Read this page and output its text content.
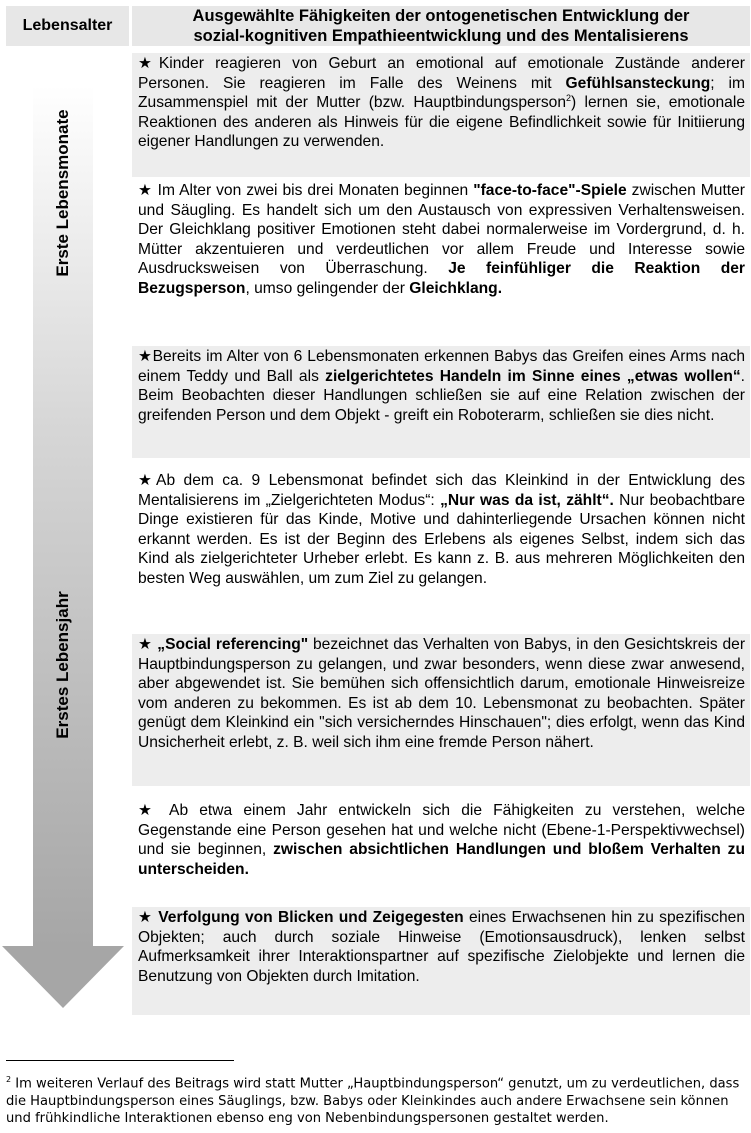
Lebensalter
Ausgewählte Fähigkeiten der ontogenetischen Entwicklung der
sozial-kognitiven Empathieentwicklung und des Mentalisierens
Erste Lebensmonate
Erstes Lebensjahr

★Kinder reagieren von Geburt an emotional auf emotionale Zustände anderer Personen. Sie reagieren im Falle des Weinens mit Gefühlsansteckung; im Zusammenspiel mit der Mutter (bzw. Hauptbindungsperson$^2$) lernen sie, emotionale Reaktionen des anderen als Hinweis für die eigene Befindlichkeit sowie für Initiierung eigener Handlungen zu verwenden.

★ Im Alter von zwei bis drei Monaten beginnen "face-to-face"-Spiele zwischen Mutter und Säugling. Es handelt sich um den Austausch von expressiven Verhaltensweisen. Der Gleichklang positiver Emotionen steht dabei normalerweise im Vordergrund, d. h. Mütter akzentuieren und verdeutlichen vor allem Freude und Interesse sowie Ausdrucksweisen von Überraschung. Je feinfühliger die Reaktion der Bezugsperson, umso gelingender der Gleichklang.

★Bereits im Alter von 6 Lebensmonaten erkennen Babys das Greifen eines Arms nach einem Teddy und Ball als zielgerichtetes Handeln im Sinne eines „etwas wollen“. Beim Beobachten dieser Handlungen schließen sie auf eine Relation zwischen der greifenden Person und dem Objekt - greift ein Roboterarm, schließen sie dies nicht.

★Ab dem ca. 9 Lebensmonat befindet sich das Kleinkind in der Entwicklung des Mentalisierens im „Zielgerichteten Modus“: „Nur was da ist, zählt“. Nur beobachtbare Dinge existieren für das Kinde, Motive und dahinterliegende Ursachen können nicht erkannt werden. Es ist der Beginn des Erlebens als eigenes Selbst, indem sich das Kind als zielgerichteter Urheber erlebt. Es kann z. B. aus mehreren Möglichkeiten den besten Weg auswählen, um zum Ziel zu gelangen.

★ „Social referencing" bezeichnet das Verhalten von Babys, in den Gesichtskreis der Hauptbindungsperson zu gelangen, und zwar besonders, wenn diese zwar anwesend, aber abgewendet ist. Sie bemühen sich offensichtlich darum, emotionale Hinweisreize vom anderen zu bekommen. Es ist ab dem 10. Lebensmonat zu beobachten. Später genügt dem Kleinkind ein "sich versicherndes Hinschauen"; dies erfolgt, wenn das Kind Unsicherheit erlebt, z. B. weil sich ihm eine fremde Person nähert.

★ Ab etwa einem Jahr entwickeln sich die Fähigkeiten zu verstehen, welche Gegenstande eine Person gesehen hat und welche nicht (Ebene-1-Perspektivwechsel) und sie beginnen, zwischen absichtlichen Handlungen und bloßem Verhalten zu unterscheiden.

★ Verfolgung von Blicken und Zeigegesten eines Erwachsenen hin zu spezifischen Objekten; auch durch soziale Hinweise (Emotionsausdruck), lenken selbst Aufmerksamkeit ihrer Interaktionspartner auf spezifische Zielobjekte und lernen die Benutzung von Objekten durch Imitation.

$^2$ Im weiteren Verlauf des Beitrags wird statt Mutter „Hauptbindungsperson“ genutzt, um zu verdeutlichen, dass die Hauptbindungsperson eines Säuglings, bzw. Babys oder Kleinkindes auch andere Erwachsene sein können und frühkindliche Interaktionen ebenso eng von Nebenbindungspersonen gestaltet werden.
